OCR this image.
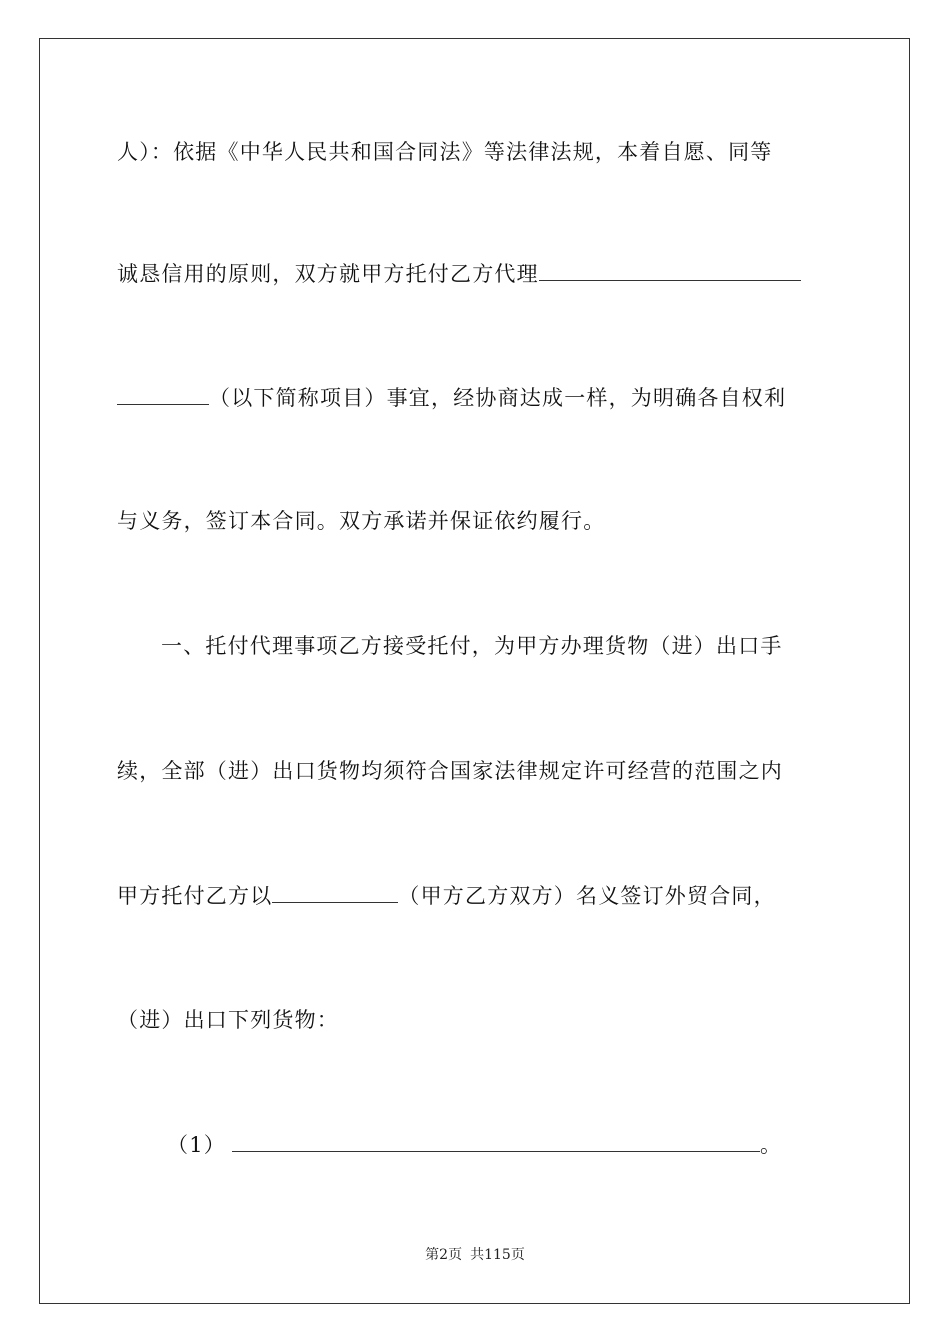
人）：依据《中华人民共和国合同法》等法律法规，本着自愿、同等
诚恳信用的原则，双方就甲方托付乙方代理
（以下简称项目）事宜，经协商达成一样，为明确各自权利
与义务，签订本合同。双方承诺并保证依约履行。
一、托付代理事项乙方接受托付，为甲方办理货物（进）出口手
续，全部（进）出口货物均须符合国家法律规定许可经营的范围之内
甲方托付乙方以	（甲方乙方双方）名义签订外贸合同，
（进）出口下列货物：
（1）	。
第2页 共115页
